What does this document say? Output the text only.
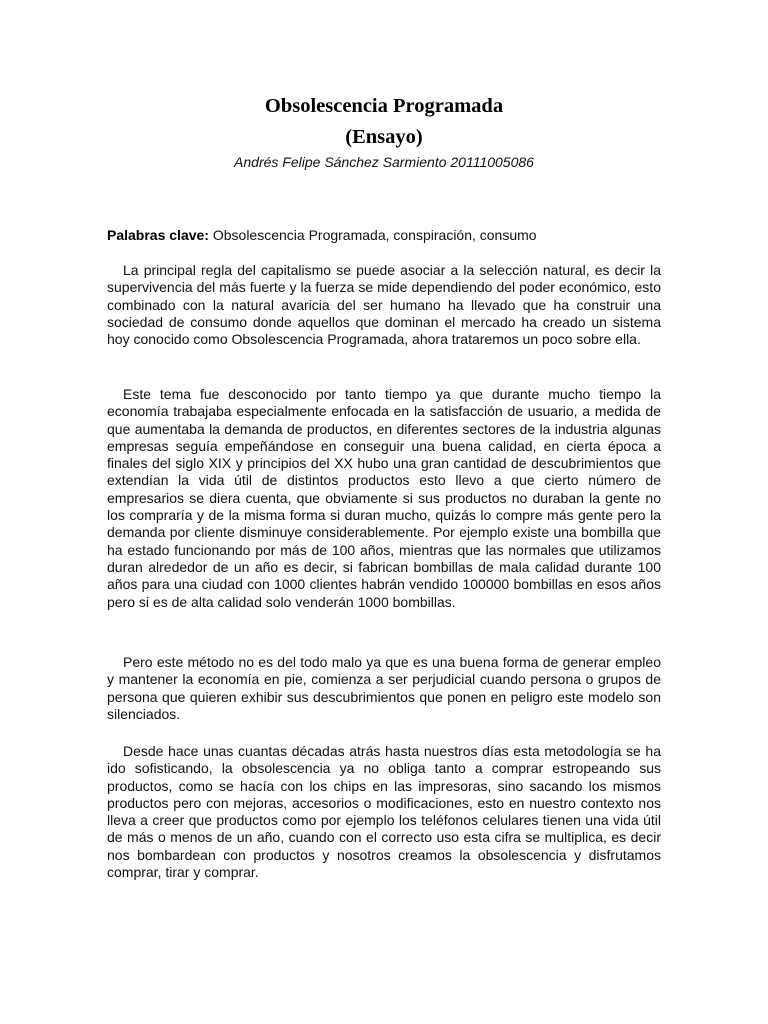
Obsolescencia Programada
(Ensayo)
Andrés Felipe Sánchez Sarmiento 20111005086
Palabras clave: Obsolescencia Programada, conspiración, consumo

La principal regla del capitalismo se puede asociar a la selección natural, es decir la supervivencia del más fuerte y la fuerza se mide dependiendo del poder económico, esto combinado con la natural avaricia del ser humano ha llevado que ha construir una sociedad de consumo donde aquellos que dominan el mercado ha creado un sistema hoy conocido como Obsolescencia Programada, ahora trataremos un poco sobre ella.

Este tema fue desconocido por tanto tiempo ya que durante mucho tiempo la economía trabajaba especialmente enfocada en la satisfacción de usuario, a medida de que aumentaba la demanda de productos, en diferentes sectores de la industria algunas empresas seguía empeñándose en conseguir una buena calidad, en cierta época a finales del siglo XIX y principios del XX hubo una gran cantidad de descubrimientos que extendían la vida útil de distintos productos esto llevo a que cierto número de empresarios se diera cuenta, que obviamente si sus productos no duraban la gente no los compraría y de la misma forma si duran mucho, quizás lo compre más gente pero la demanda por cliente disminuye considerablemente. Por ejemplo existe una bombilla que ha estado funcionando por más de 100 años, mientras que las normales que utilizamos duran alrededor de un año es decir, si fabrican bombillas de mala calidad durante 100 años para una ciudad con 1000 clientes habrán vendido 100000 bombillas en esos años pero si es de alta calidad solo venderán 1000 bombillas.

Pero este método no es del todo malo ya que es una buena forma de generar empleo y mantener la economía en pie, comienza a ser perjudicial cuando persona o grupos de persona que quieren exhibir sus descubrimientos que ponen en peligro este modelo son silenciados.

Desde hace unas cuantas décadas atrás hasta nuestros días esta metodología se ha ido sofisticando, la obsolescencia ya no obliga tanto a comprar estropeando sus productos, como se hacía con los chips en las impresoras, sino sacando los mismos productos pero con mejoras, accesorios o modificaciones, esto en nuestro contexto nos lleva a creer que productos como por ejemplo los teléfonos celulares tienen una vida útil de más o menos de un año, cuando con el correcto uso esta cifra se multiplica, es decir nos bombardean con productos y nosotros creamos la obsolescencia y disfrutamos comprar, tirar y comprar.
